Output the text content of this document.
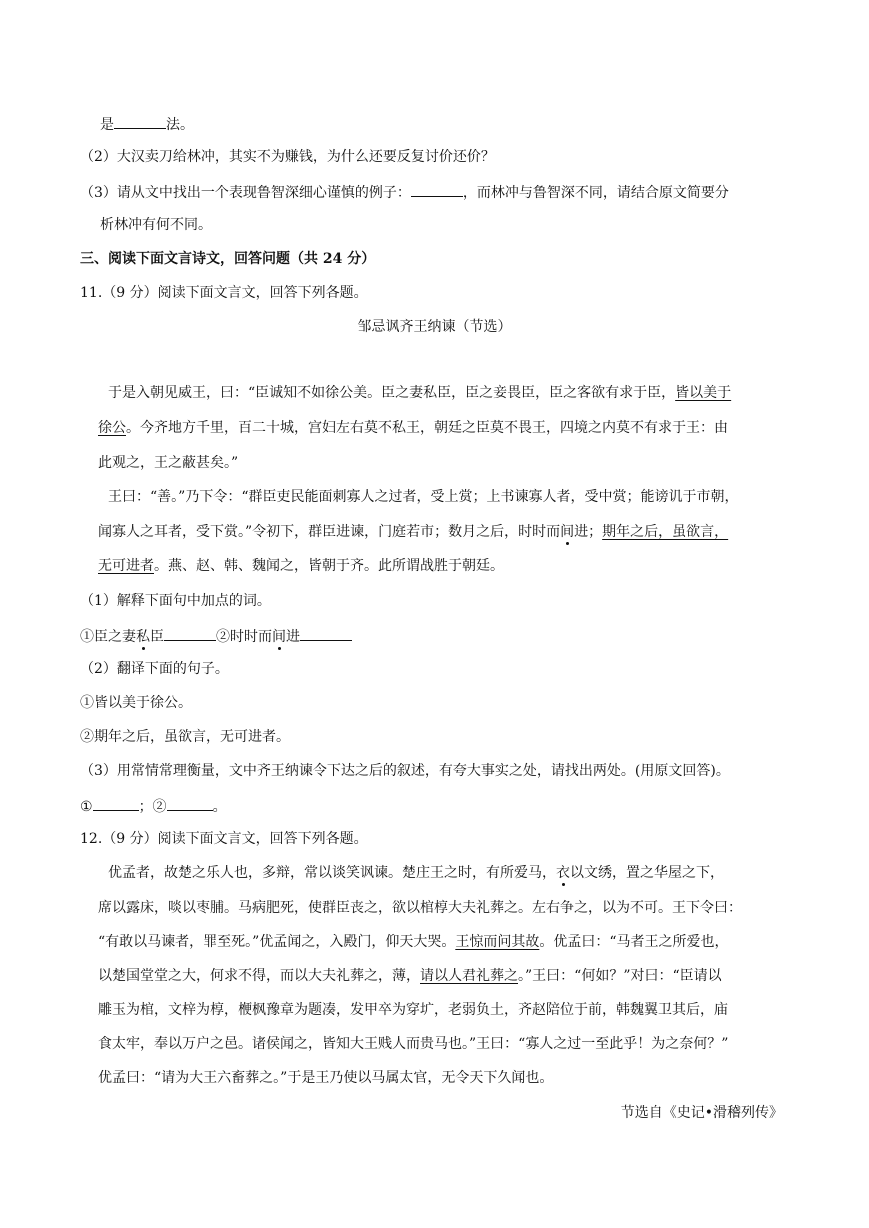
是	法。
（2）大汉卖刀给林冲，其实不为赚钱，为什么还要反复讨价还价？
（3）请从文中找出一个表现鲁智深细心谨慎的例子：	，而林冲与鲁智深不同，请结合原文简要分
析林冲有何不同。
三、阅读下面文言诗文，回答问题（共 24 分）
11.（9 分）阅读下面文言文，回答下列各题。
邹忌讽齐王纳谏（节选）
于是入朝见威王，曰：“臣诚知不如徐公美。臣之妻私臣，臣之妾畏臣，臣之客欲有求于臣，皆以美于
徐公。今齐地方千里，百二十城，宫妇左右莫不私王，朝廷之臣莫不畏王，四境之内莫不有求于王：由
此观之，王之蔽甚矣。”
王曰：“善。”乃下令：“群臣吏民能面刺寡人之过者，受上赏；上书谏寡人者，受中赏；能谤讥于市朝，
闻寡人之耳者，受下赏。”令初下，群臣进谏，门庭若市；数月之后，时时而间进；期年之后，虽欲言，
无可进者。燕、赵、韩、魏闻之，皆朝于齐。此所谓战胜于朝廷。
（1）解释下面句中加点的词。
①臣之妻私臣	②时时而间进
（2）翻译下面的句子。
①皆以美于徐公。
②期年之后，虽欲言，无可进者。
（3）用常情常理衡量，文中齐王纳谏令下达之后的叙述，有夸大事实之处，请找出两处。(用原文回答)。
①	；②	。
12.（9 分）阅读下面文言文，回答下列各题。
优孟者，故楚之乐人也，多辩，常以谈笑讽谏。楚庄王之时，有所爱马，衣以文绣，置之华屋之下，
席以露床，啖以枣脯。马病肥死，使群臣丧之，欲以棺椁大夫礼葬之。左右争之，以为不可。王下令曰：
“有敢以马谏者，罪至死。”优孟闻之，入殿门，仰天大哭。王惊而问其故。优孟曰：“马者王之所爱也，
以楚国堂堂之大，何求不得，而以大夫礼葬之，薄，请以人君礼葬之。”王曰：“何如？”对曰：“臣请以
雕玉为棺，文梓为椁，楩枫豫章为题凑，发甲卒为穿圹，老弱负土，齐赵陪位于前，韩魏翼卫其后，庙
食太牢，奉以万户之邑。诸侯闻之，皆知大王贱人而贵马也。”王曰：“寡人之过一至此乎！为之奈何？”
优孟曰：“请为大王六畜葬之。”于是王乃使以马属太官，无令天下久闻也。
节选自《史记•滑稽列传》
